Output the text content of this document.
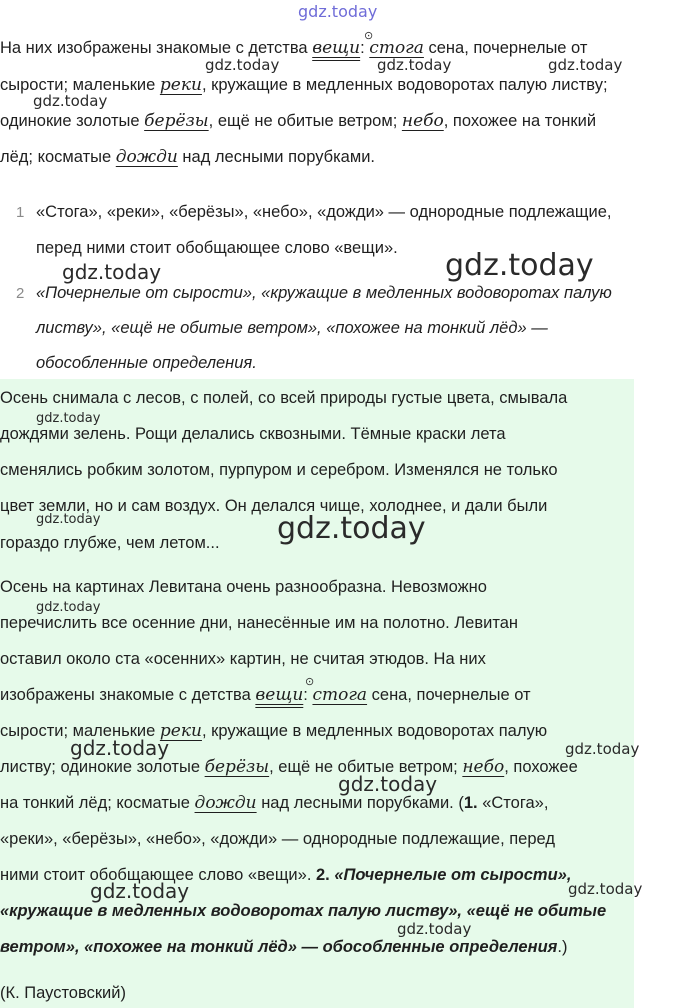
gdz.today
gdz.today	gdz.today	gdz.today
gdz.today
gdz.today	gdz.today
gdz.today
gdz.today	gdz.today
gdz.today
gdz.today	gdz.today
gdz.today
gdz.today	gdz.today
gdz.today
⊙
На них изображены знакомые с детства вещи: стога сена, почернелые от
сырости; маленькие реки, кружащие в медленных водоворотах палую листву;
одинокие золотые берёзы, ещё не обитые ветром; небо, похожее на тонкий
лёд; косматые дожди над лесными порубками.
1 «Стога», «реки», «берёзы», «небо», «дожди» — однородные подлежащие,
перед ними стоит обобщающее слово «вещи».
2 «Почернелые от сырости», «кружащие в медленных водоворотах палую
листву», «ещё не обитые ветром», «похожее на тонкий лёд» —
обособленные определения.
Осень снимала с лесов, с полей, со всей природы густые цвета, смывала
дождями зелень. Рощи делались сквозными. Тёмные краски лета
сменялись робким золотом, пурпуром и серебром. Изменялся не только
цвет земли, но и сам воздух. Он делался чище, холоднее, и дали были
гораздо глубже, чем летом...
Осень на картинах Левитана очень разнообразна. Невозможно
перечислить все осенние дни, нанесённые им на полотно. Левитан
оставил около ста «осенних» картин, не считая этюдов. На них
⊙
изображены знакомые с детства вещи: стога сена, почернелые от
сырости; маленькие реки, кружащие в медленных водоворотах палую
листву; одинокие золотые берёзы, ещё не обитые ветром; небо, похожее
на тонкий лёд; косматые дожди над лесными порубками. (1. «Стога»,
«реки», «берёзы», «небо», «дожди» — однородные подлежащие, перед
ними стоит обобщающее слово «вещи». 2. «Почернелые от сырости»,
«кружащие в медленных водоворотах палую листву», «ещё не обитые
ветром», «похожее на тонкий лёд» — обособленные определения.)
(К. Паустовский)
